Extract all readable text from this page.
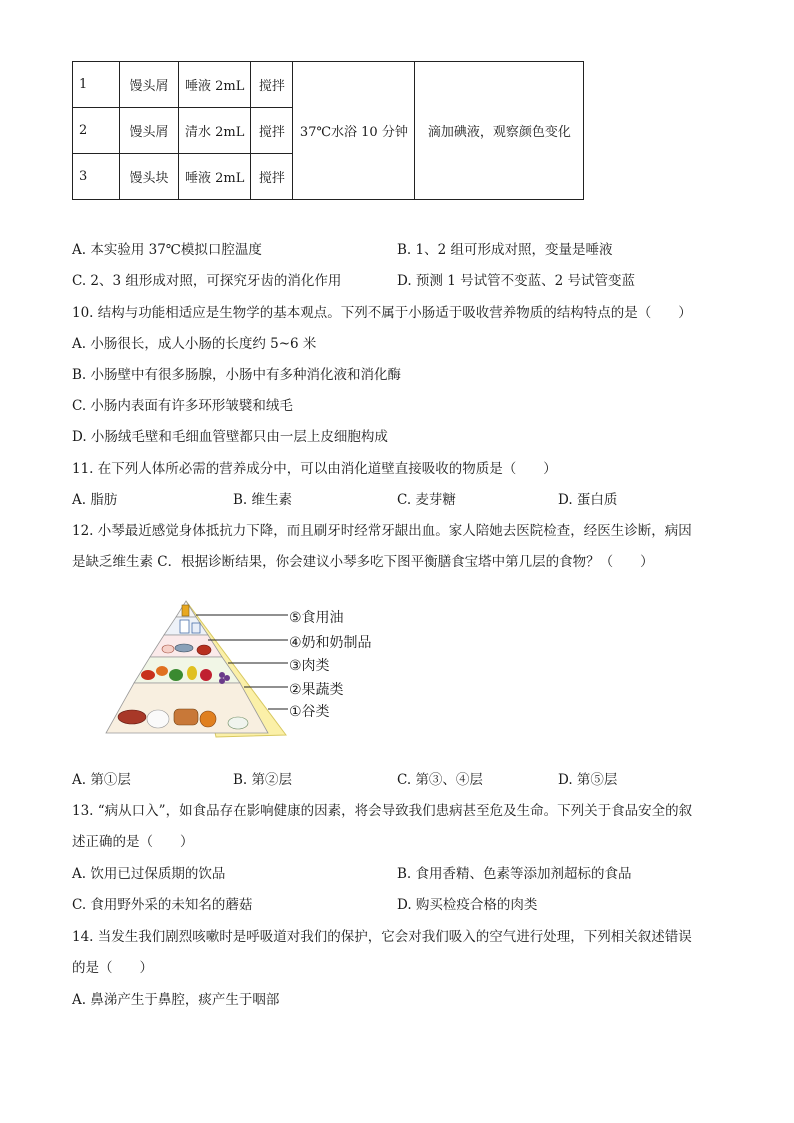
1	馒头屑	唾液 2mL	搅拌	37℃水浴 10 分钟	滴加碘液，观察颜色变化
2	馒头屑	清水 2mL	搅拌		
3	馒头块	唾液 2mL	搅拌		
A. 本实验用 37℃模拟口腔温度	B. 1、2 组可形成对照，变量是唾液
C. 2、3 组形成对照，可探究牙齿的消化作用	D. 预测 1 号试管不变蓝、2 号试管变蓝
10. 结构与功能相适应是生物学的基本观点。下列不属于小肠适于吸收营养物质的结构特点的是（　　）
A. 小肠很长，成人小肠的长度约 5~6 米
B. 小肠壁中有很多肠腺，小肠中有多种消化液和消化酶
C. 小肠内表面有许多环形皱襞和绒毛
D. 小肠绒毛壁和毛细血管壁都只由一层上皮细胞构成
11. 在下列人体所必需的营养成分中，可以由消化道壁直接吸收的物质是（　　）
A. 脂肪	B. 维生素	C. 麦芽糖	D. 蛋白质
12. 小琴最近感觉身体抵抗力下降，而且刷牙时经常牙龈出血。家人陪她去医院检查，经医生诊断，病因
是缺乏维生素 C．根据诊断结果，你会建议小琴多吃下图平衡膳食宝塔中第几层的食物？（　　）
⑤食用油
④奶和奶制品
③肉类
②果蔬类
①谷类
A. 第①层	B. 第②层	C. 第③、④层	D. 第⑤层
13. “病从口入”，如食品存在影响健康的因素，将会导致我们患病甚至危及生命。下列关于食品安全的叙
述正确的是（　　）
A. 饮用已过保质期的饮品	B. 食用香精、色素等添加剂超标的食品
C. 食用野外采的未知名的蘑菇	D. 购买检疫合格的肉类
14. 当发生我们剧烈咳嗽时是呼吸道对我们的保护，它会对我们吸入的空气进行处理，下列相关叙述错误
的是（　　）
A. 鼻涕产生于鼻腔，痰产生于咽部
